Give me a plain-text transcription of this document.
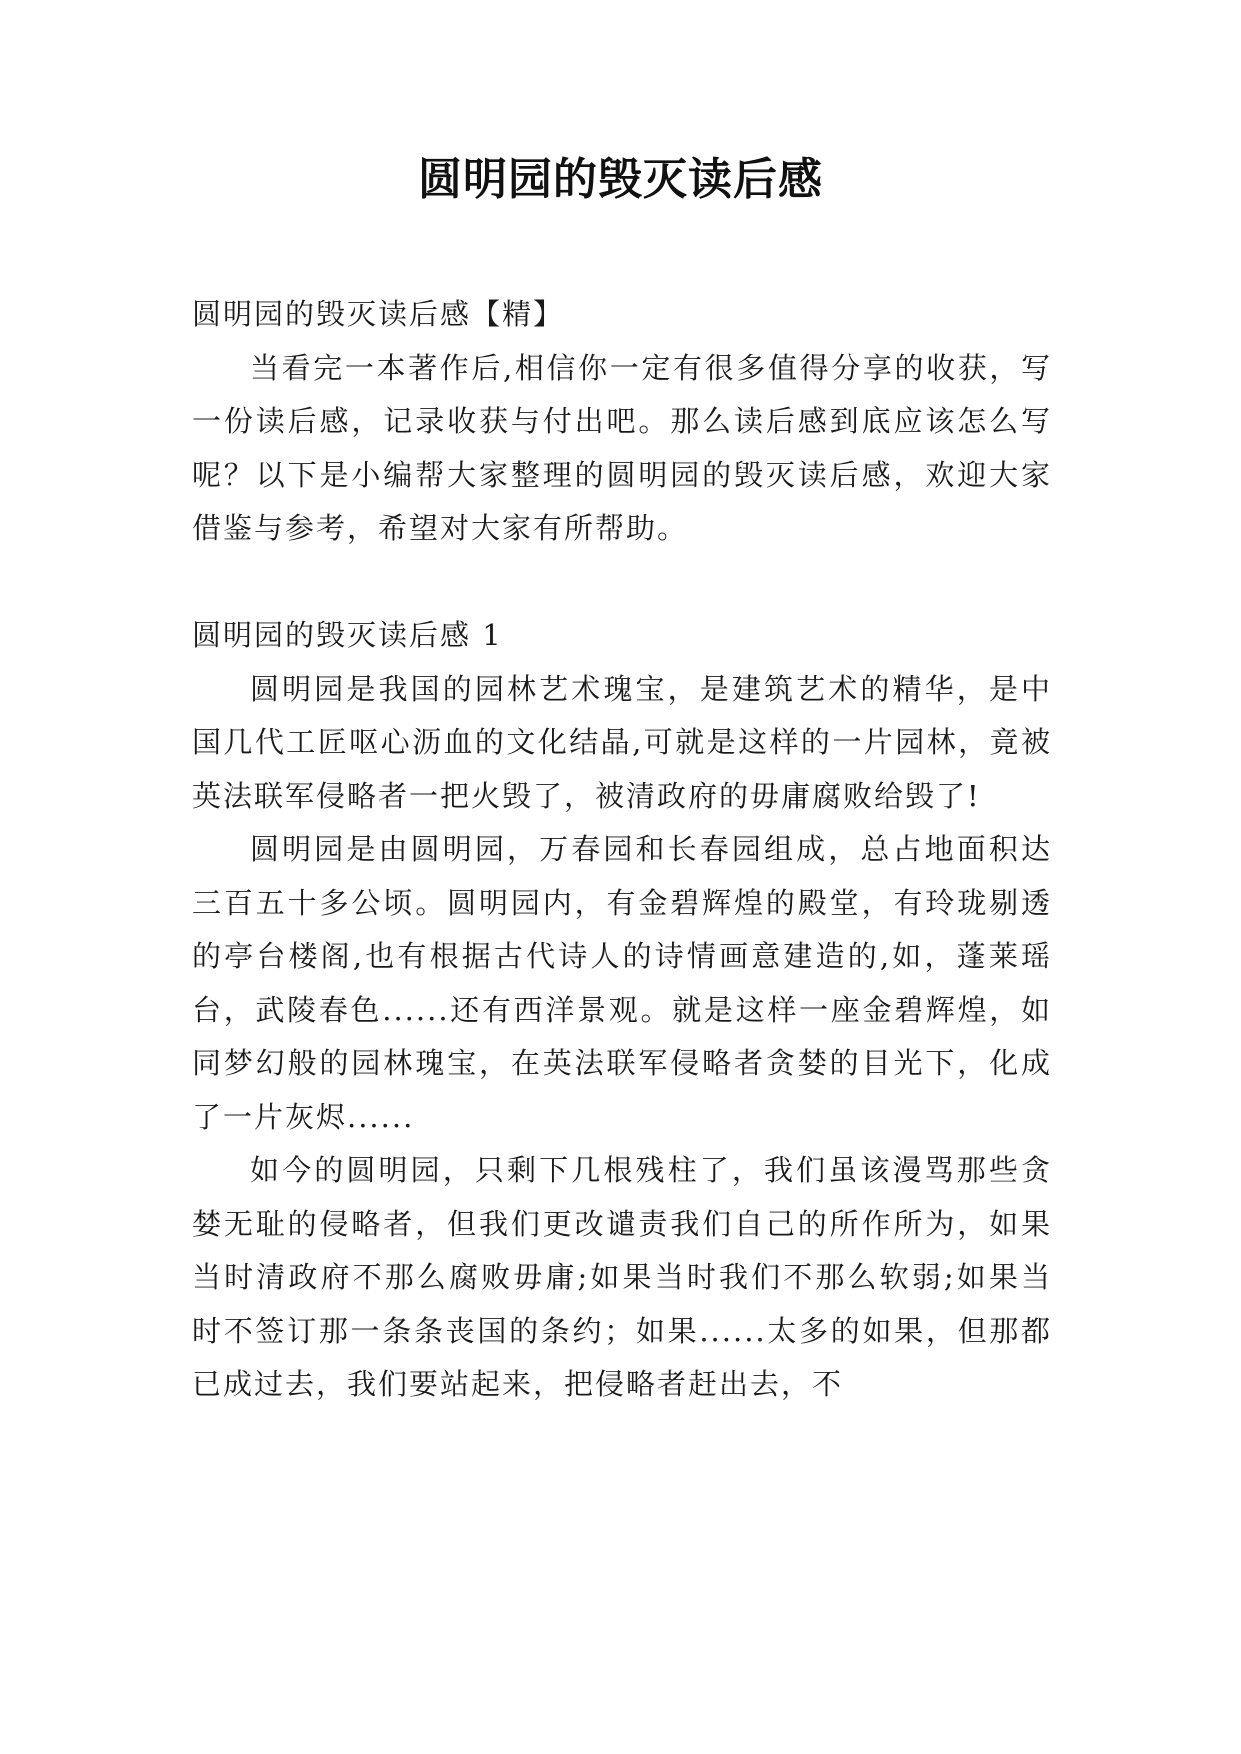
圆明园的毁灭读后感

圆明园的毁灭读后感【精】

当看完一本著作后,相信你一定有很多值得分享的收获，写一份读后感，记录收获与付出吧。那么读后感到底应该怎么写呢？以下是小编帮大家整理的圆明园的毁灭读后感，欢迎大家借鉴与参考，希望对大家有所帮助。

圆明园的毁灭读后感 1

圆明园是我国的园林艺术瑰宝，是建筑艺术的精华，是中国几代工匠呕心沥血的文化结晶,可就是这样的一片园林，竟被英法联军侵略者一把火毁了，被清政府的毋庸腐败给毁了!

圆明园是由圆明园，万春园和长春园组成，总占地面积达三百五十多公顷。圆明园内，有金碧辉煌的殿堂，有玲珑剔透的亭台楼阁,也有根据古代诗人的诗情画意建造的,如，蓬莱瑶台，武陵春色......还有西洋景观。就是这样一座金碧辉煌，如同梦幻般的园林瑰宝，在英法联军侵略者贪婪的目光下，化成了一片灰烬......

如今的圆明园，只剩下几根残柱了，我们虽该漫骂那些贪婪无耻的侵略者，但我们更改谴责我们自己的所作所为，如果当时清政府不那么腐败毋庸;如果当时我们不那么软弱;如果当时不签订那一条条丧国的条约；如果......太多的如果，但那都已成过去，我们要站起来，把侵略者赶出去，不
